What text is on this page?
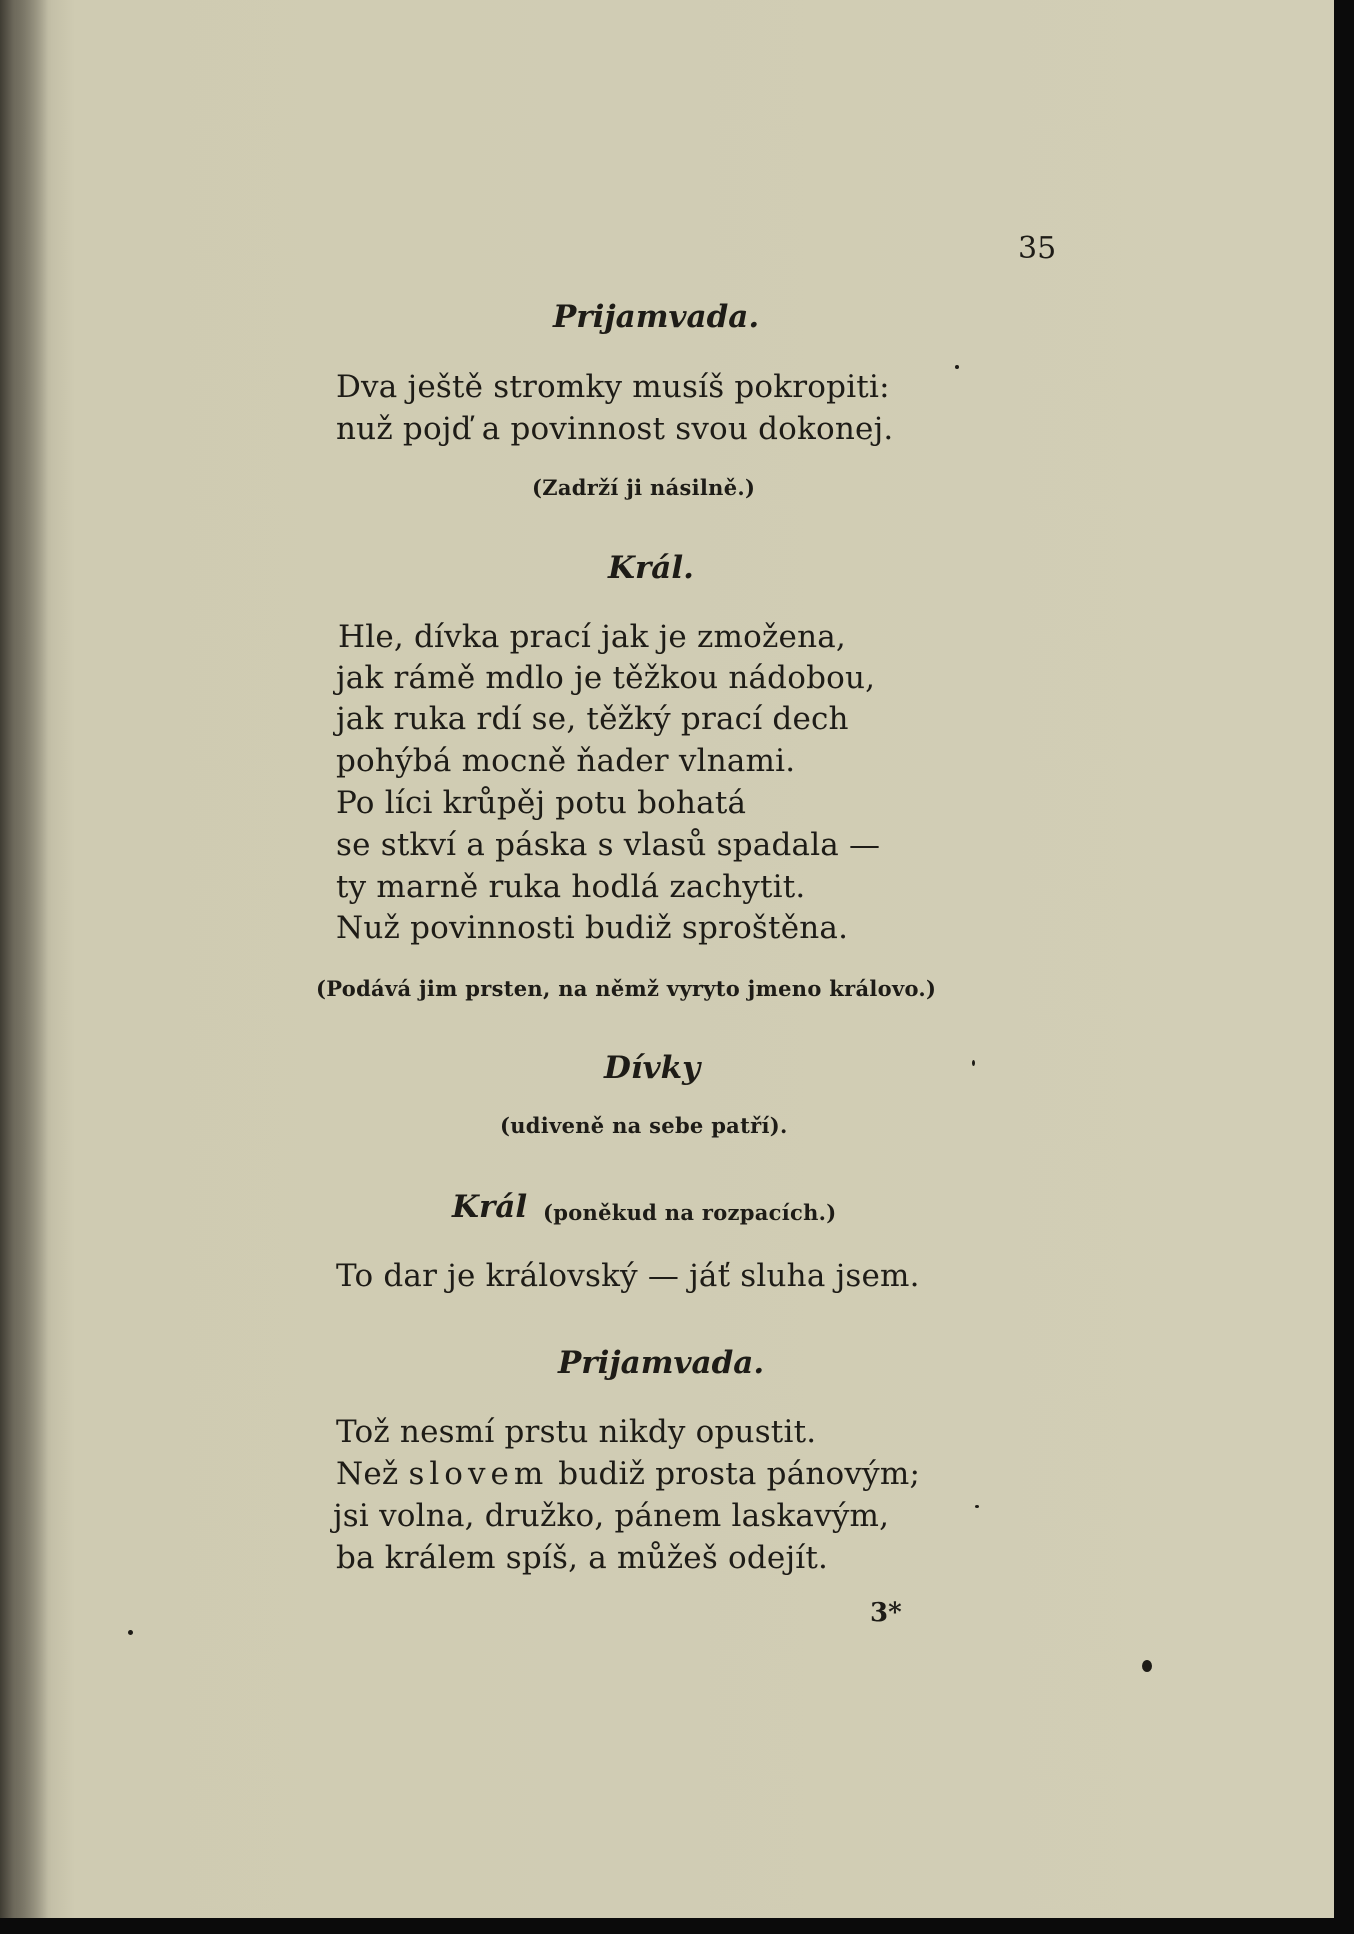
35
Prijamvada.
Dva ještě stromky musíš pokropiti:
nuž pojď a povinnost svou dokonej.
(Zadrží ji násilně.)
Král.
Hle, dívka prací jak je zmožena,
jak rámě mdlo je těžkou nádobou,
jak ruka rdí se, těžký prací dech
pohýbá mocně ňader vlnami.
Po líci krůpěj potu bohatá
se stkví a páska s vlasů spadala —
ty marně ruka hodlá zachytit.
Nuž povinnosti budiž sproštěna.
(Podává jim prsten, na němž vyryto jmeno královo.)
Dívky
(udiveně na sebe patří).
Král (poněkud na rozpacích.)
To dar je královský — jáť sluha jsem.
Prijamvada.
Tož nesmí prstu nikdy opustit.
Než slovem budiž prosta pánovým;
jsi volna, družko, pánem laskavým,
ba králem spíš, a můžeš odejít.
3*
